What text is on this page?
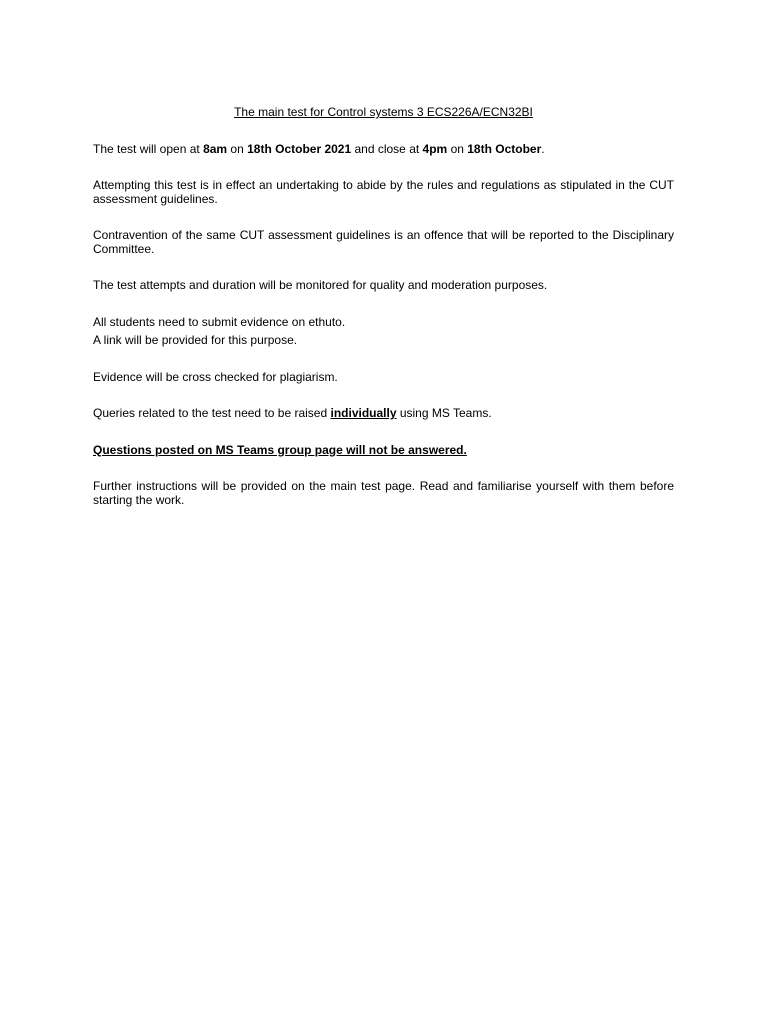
The main test for Control systems 3 ECS226A/ECN32BI

The test will open at 8am on 18th October 2021 and close at 4pm on 18th October.

Attempting this test is in effect an undertaking to abide by the rules and regulations as stipulated in the CUT assessment guidelines.

Contravention of the same CUT assessment guidelines is an offence that will be reported to the Disciplinary Committee.

The test attempts and duration will be monitored for quality and moderation purposes.

All students need to submit evidence on ethuto.

A link will be provided for this purpose.

Evidence will be cross checked for plagiarism.

Queries related to the test need to be raised individually using MS Teams.

Questions posted on MS Teams group page will not be answered.

Further instructions will be provided on the main test page. Read and familiarise yourself with them before starting the work.
